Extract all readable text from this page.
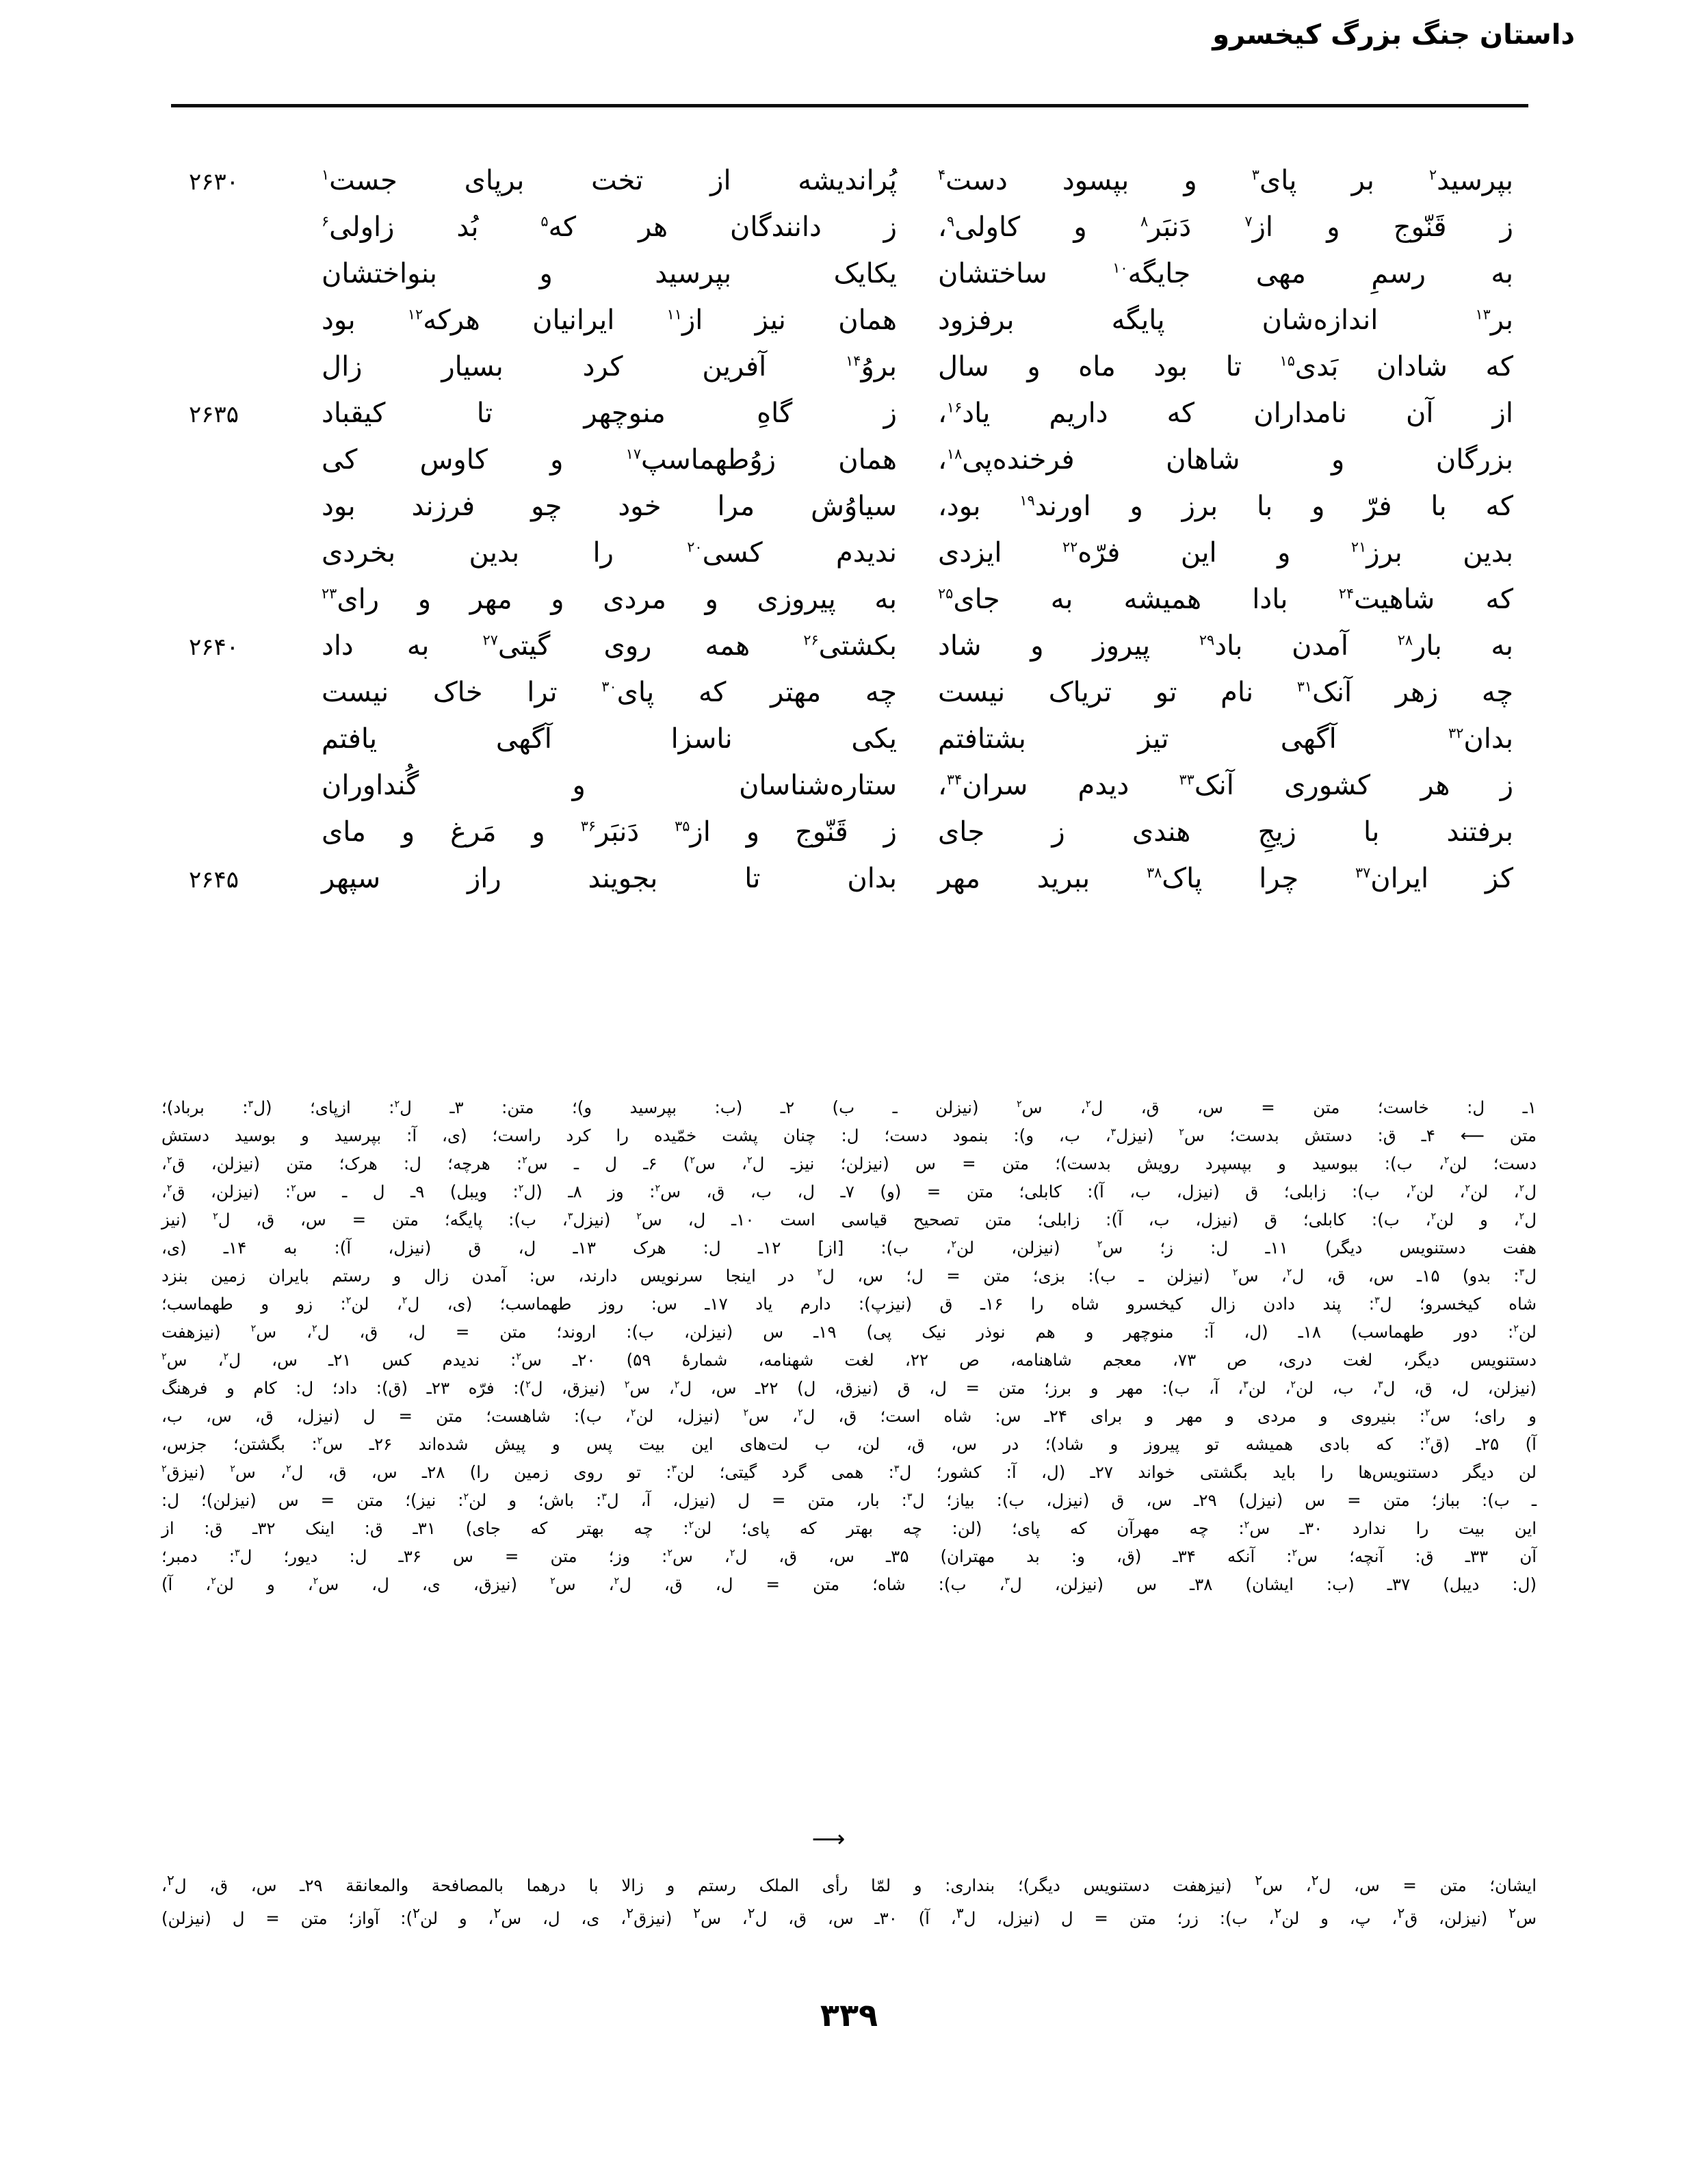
داستان جنگ بزرگ کیخسرو
بپرسید$^۲$ بر پای$^۳$ و بپسود دست$^۴$
پُراندیشه از تخت برپای جست$^۱$
۲۶۳۰
ز قَنّوج و از$^۷$ دَنبَر$^۸$ و کاولی$^۹$،
ز دانندگان هر که$^۵$ بُد زاولی$^۶$
به رسمِ مهی جایگه$^{۱۰}$ ساختشان
یکایک بپرسید و بنواختشان
بر$^{۱۳}$ اندازه‌شان پایگه برفزود
همان نیز از$^{۱۱}$ ایرانیان هرکه$^{۱۲}$ بود
که شادان بَدی$^{۱۵}$ تا بود ماه و سال
بروُ$^{۱۴}$ آفرین کرد بسیار زال
از آن نامداران که داریم یاد$^{۱۶}$،
ز گاهِ منوچهر تا کیقباد
۲۶۳۵
بزرگان و شاهان فرخنده‌پی$^{۱۸}$،
همان زوُطهماسپ$^{۱۷}$ و کاوس کی
که با فرّ و با برز و اورند$^{۱۹}$ بود،
سیاوُش مرا خود چو فرزند بود
بدین برز$^{۲۱}$ و این فرّه$^{۲۲}$ ایزدی
ندیدم کسی$^{۲۰}$ را بدین بخردی
که شاهیت$^{۲۴}$ بادا همیشه به جای$^{۲۵}$
به پیروزی و مردی و مهر و رای$^{۲۳}$
به بار$^{۲۸}$ آمدن باد$^{۲۹}$ پیروز و شاد
بکشتی$^{۲۶}$ همه روی گیتی$^{۲۷}$ به داد
۲۶۴۰
چه زهر آنک$^{۳۱}$ نام تو تریاک نیست
چه مهتر که پای$^{۳۰}$ ترا خاک نیست
بدان$^{۳۲}$ آگهی تیز بشتافتم
یکی ناسزا آگهی یافتم
ز هر کشوری آنک$^{۳۳}$ دیدم سران$^{۳۴}$،
ستاره‌شناسان و گُنداوران
برفتند با زیجِ هندی ز جای
ز قَنّوج و از$^{۳۵}$ دَنبَر$^{۳۶}$ و مَرغ و مای
کز ایران$^{۳۷}$ چرا پاک$^{۳۸}$ ببرید مهر
بدان تا بجویند راز سپهر
۲۶۴۵
۱ـ ل: خاست؛ متن = س، ق، ل$^۲$، س$^۲$ (نیزلن ـ ب) ۲ـ (ب: بپرسید و)؛ متن: ۳ـ ل$^۲$: ازپای؛ (ل$^۳$: برباد)؛
متن ⟵ ۴ـ ق: دستش بدست؛ س$^۲$ (نیزل$^۳$، ب، و): بنمود دست؛ ل: چنان پشت خمّیده را کرد راست؛ (ی، آ: بپرسید و بوسید دستش
دست؛ لن$^۲$، ب): ببوسید و بپسپرد رویش بدست)؛ متن = س (نیزلن؛ نیزـ ل$^۲$، س$^۲$) ۶ـ ل ـ س$^۲$: هرچه؛ ل: هرک؛ متن (نیزلن، ق$^۲$،
ل$^۲$، لن$^۲$، لن$^۲$، ب): زابلی؛ ق (نیزل، ب، آ): کابلی؛ متن = (و) ۷ـ ل، ب، ق، س$^۲$: وز ۸ـ (ل$^۲$: ویبل) ۹ـ ل ـ س$^۲$: (نیزلن، ق$^۲$،
ل$^۲$، و لن$^۲$، ب): کابلی؛ ق (نیزل، ب، آ): زابلی؛ متن تصحیح قیاسی است ۱۰ـ ل، س$^۲$ (نیزل$^۳$، ب): پایگه؛ متن = س، ق، ل$^۲$ (نیز
هفت دستنویس دیگر) ۱۱ـ ل: ز؛ س$^۲$ (نیزلن، لن$^۲$، ب): [از] ۱۲ـ ل: هرک ۱۳ـ ل، ق (نیزل، آ): به ۱۴ـ (ی،
ل$^۳$: بدو) ۱۵ـ س، ق، ل$^۲$، س$^۲$ (نیزلن ـ ب): بزی؛ متن = ل؛ س، ل$^۲$ در اینجا سرنویس دارند، س: آمدن زال و رستم بایران زمین بنزد
شاه کیخسرو؛ ل$^۳$: پند دادن زال کیخسرو شاه را ۱۶ـ ق (نیزپ): دارم یاد ۱۷ـ س: روز طهماسب؛ (ی، ل$^۲$، لن$^۲$: زو و طهماسب؛
لن$^۲$: دور طهماسب) ۱۸ـ (ل، آ: منوچهر و هم نوذر نیک پی) ۱۹ـ س (نیزلن، ب): اروند؛ متن = ل، ق، ل$^۲$، س$^۲$ (نیزهفت
دستنویس دیگر، لغت دری، ص ۷۳، معجم شاهنامه، ص ۲۲، لغت شهنامه، شمارهٔ ۵۹) ۲۰ـ س$^۲$: ندیدم کس ۲۱ـ س، ل$^۲$، س$^۲$
(نیزلن، ل، ق، ل$^۳$، ب، لن$^۲$، لن$^۳$، آ، ب): مهر و برز؛ متن = ل، ق (نیزق، ل) ۲۲ـ س، ل$^۲$، س$^۲$ (نیزق، ل$^۲$): فرّه ۲۳ـ (ق): داد؛ ل: کام و فرهنگ
و رای؛ س$^۲$: بنیروی و مردی و مهر و برای ۲۴ـ س: شاه است؛ ق، ل$^۲$، س$^۲$ (نیزل، لن$^۲$، ب): شاهست؛ متن = ل (نیزل، ق، س، ب،
آ) ۲۵ـ (ق$^۲$: که بادی همیشه تو پیروز و شاد)؛ در س، ق، لن، ب لت‌های این بیت پس و پیش شده‌اند ۲۶ـ س$^۲$: بگشتن؛ جزس،
لن دیگر دستنویس‌ها را باید بگشتی خواند ۲۷ـ (ل، آ: کشور؛ ل$^۳$: همی گرد گیتی؛ لن$^۳$: تو روی زمین را) ۲۸ـ س، ق، ل$^۲$، س$^۲$ (نیزق$^۲$
ـ ب): بباز؛ متن = س (نیزل) ۲۹ـ س، ق (نیزل، ب): بیاز؛ ل$^۳$: بار، متن = ل (نیزل، آ، ل$^۳$: باش؛ و لن$^۲$: نیز)؛ متن = س (نیزلن)؛ ل:
این بیت را ندارد ۳۰ـ س$^۲$: چه مهرآن که پای؛ (لن: چه بهتر که پای؛ لن$^۲$: چه بهتر که جای) ۳۱ـ ق: اینک ۳۲ـ ق: از
آن ۳۳ـ ق: آنچه؛ س$^۲$: آنکه ۳۴ـ (ق، و: بد مهتران) ۳۵ـ س، ق، ل$^۲$، س$^۲$: وز؛ متن = س ۳۶ـ ل: دیور؛ ل$^۳$: دمبر؛
(ل: دیبل) ۳۷ـ (ب: ایشان) ۳۸ـ س (نیزلن، ل$^۳$، ب): شاه؛ متن = ل، ق، ل$^۲$، س$^۲$ (نیزق، ی، ل، س$^۲$، و لن$^۲$، آ)
⟶
ایشان؛ متن = س، ل$^۲$، س$^۲$ (نیزهفت دستنویس دیگر)؛ بنداری: و لمّا رأی الملک رستم و زالا با درهما بالمصافحة والمعانقة ۲۹ـ س، ق، ل$^۲$،
س$^۲$ (نیزلن، ق$^۲$، پ، و لن$^۲$، ب): زر؛ متن = ل (نیزل، ل$^۳$، آ) ۳۰ـ س، ق، ل$^۲$، س$^۲$ (نیزق$^۲$، ی، ل، س$^۲$، و لن$^۲$): آواز؛ متن = ل (نیزلن)
۳۳۹
